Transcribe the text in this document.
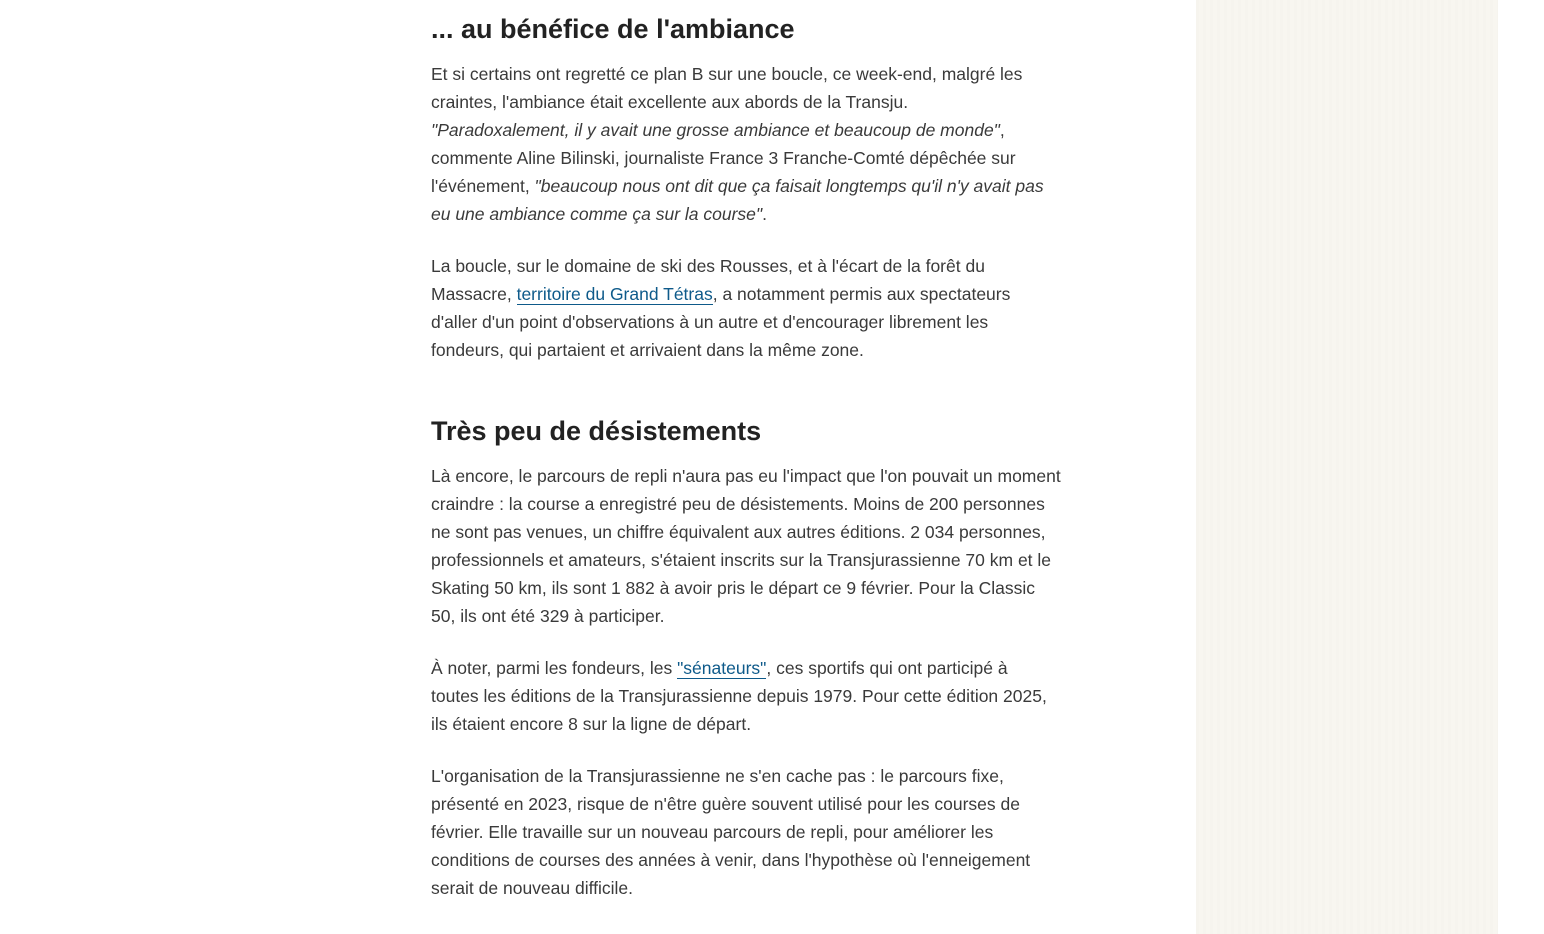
... au bénéfice de l'ambiance

Et si certains ont regretté ce plan B sur une boucle, ce week-end, malgré les craintes, l'ambiance était excellente aux abords de la Transju. "Paradoxalement, il y avait une grosse ambiance et beaucoup de monde", commente Aline Bilinski, journaliste France 3 Franche-Comté dépêchée sur l'événement, "beaucoup nous ont dit que ça faisait longtemps qu'il n'y avait pas eu une ambiance comme ça sur la course".

La boucle, sur le domaine de ski des Rousses, et à l'écart de la forêt du Massacre, territoire du Grand Tétras, a notamment permis aux spectateurs d'aller d'un point d'observations à un autre et d'encourager librement les fondeurs, qui partaient et arrivaient dans la même zone.

Très peu de désistements

Là encore, le parcours de repli n'aura pas eu l'impact que l'on pouvait un moment craindre : la course a enregistré peu de désistements. Moins de 200 personnes ne sont pas venues, un chiffre équivalent aux autres éditions. 2 034 personnes, professionnels et amateurs, s'étaient inscrits sur la Transjurassienne 70 km et le Skating 50 km, ils sont 1 882 à avoir pris le départ ce 9 février. Pour la Classic 50, ils ont été 329 à participer.

À noter, parmi les fondeurs, les "sénateurs", ces sportifs qui ont participé à toutes les éditions de la Transjurassienne depuis 1979. Pour cette édition 2025, ils étaient encore 8 sur la ligne de départ.

L'organisation de la Transjurassienne ne s'en cache pas : le parcours fixe, présenté en 2023, risque de n'être guère souvent utilisé pour les courses de février. Elle travaille sur un nouveau parcours de repli, pour améliorer les conditions de courses des années à venir, dans l'hypothèse où l'enneigement serait de nouveau difficile.
